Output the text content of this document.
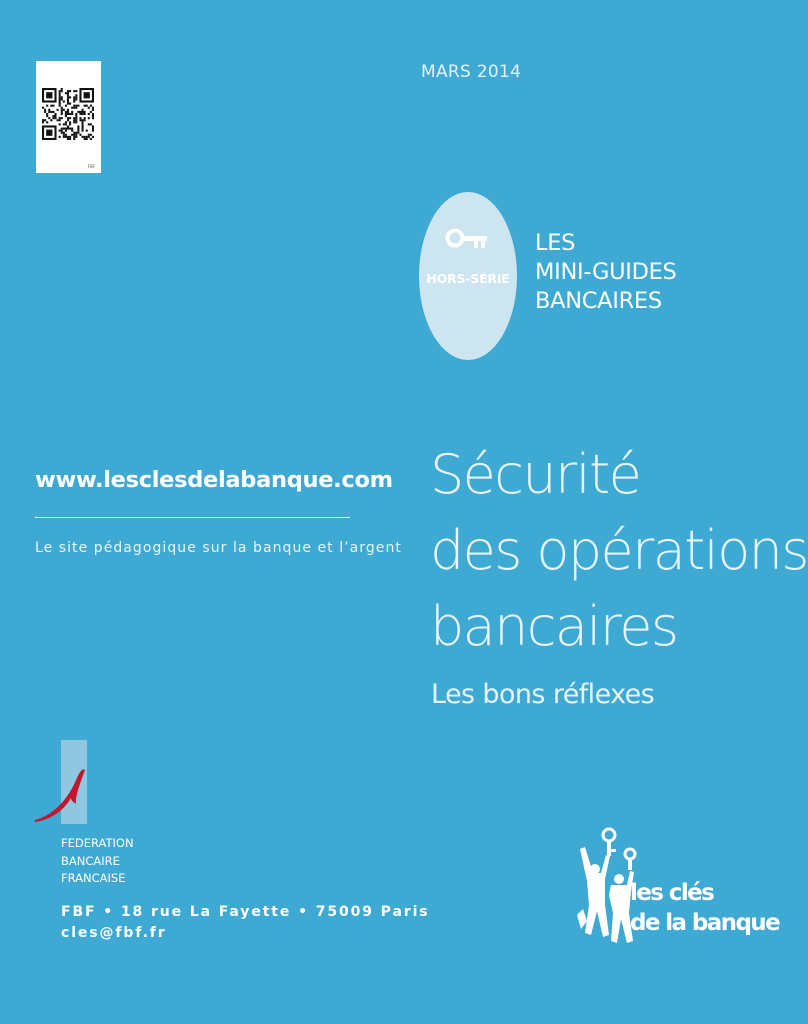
FBF
MARS 2014
HORS-SÉRIE
LES
MINI-GUIDES
BANCAIRES
www.lesclesdelabanque.com
Le site pédagogique sur la banque et l’argent
Sécurité
des opérations
bancaires
Les bons réflexes
FEDERATION
BANCAIRE
FRANCAISE
FBF • 18 rue La Fayette • 75009 Paris
cles@fbf.fr
les clés
de la banque
